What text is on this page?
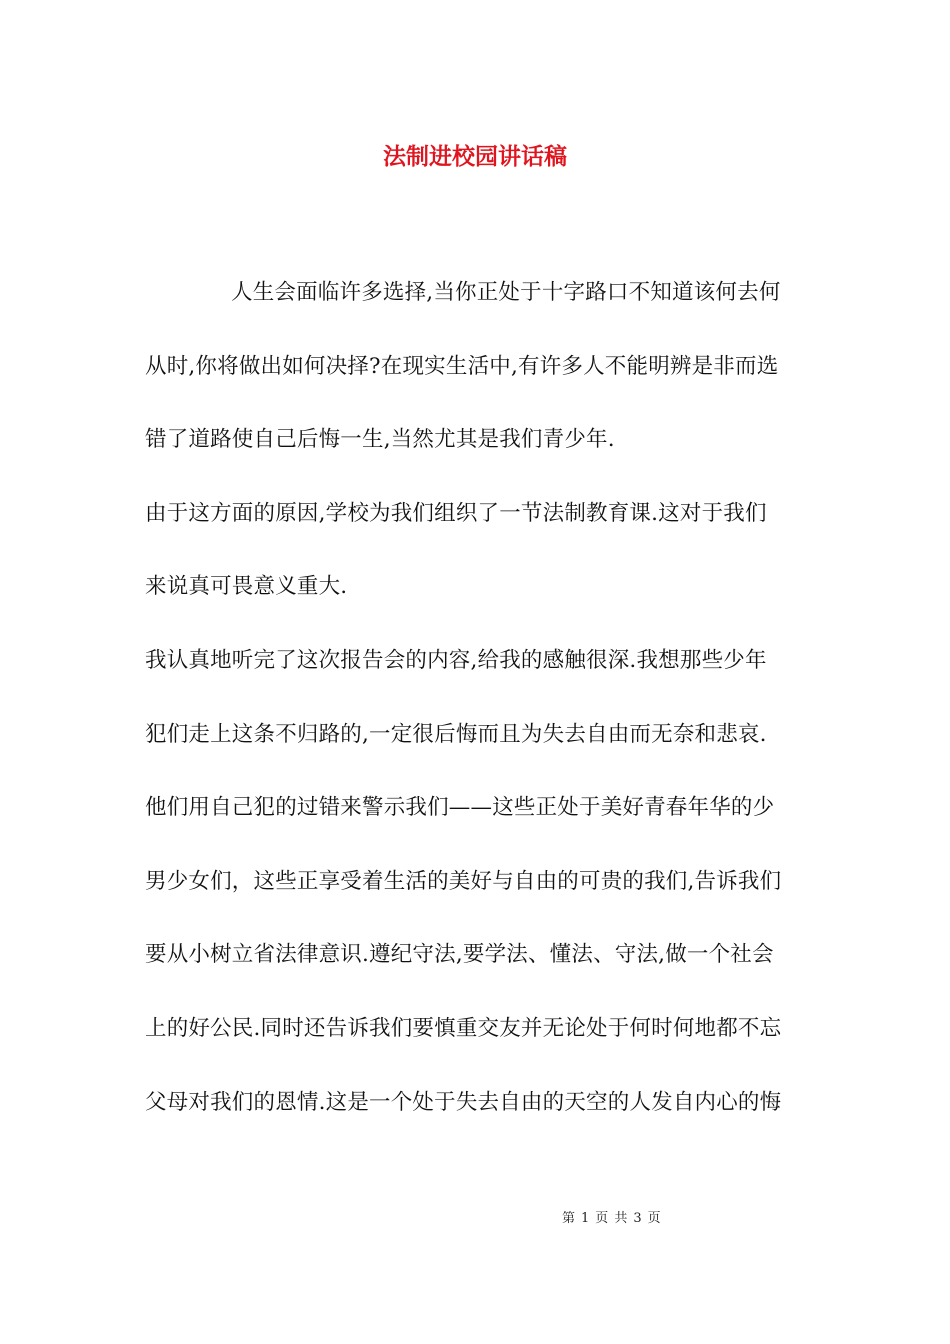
法制进校园讲话稿
人生会面临许多选择,当你正处于十字路口不知道该何去何
从时,你将做出如何决择?在现实生活中,有许多人不能明辨是非而选
错了道路使自己后悔一生,当然尤其是我们青少年.
由于这方面的原因,学校为我们组织了一节法制教育课.这对于我们
来说真可畏意义重大.
我认真地听完了这次报告会的内容,给我的感触很深.我想那些少年
犯们走上这条不归路的,一定很后悔而且为失去自由而无奈和悲哀.
他们用自己犯的过错来警示我们——这些正处于美好青春年华的少
男少女们，这些正享受着生活的美好与自由的可贵的我们,告诉我们
要从小树立省法律意识.遵纪守法,要学法、懂法、守法,做一个社会
上的好公民.同时还告诉我们要慎重交友并无论处于何时何地都不忘
父母对我们的恩情.这是一个处于失去自由的天空的人发自内心的悔
第 1 页 共 3 页
